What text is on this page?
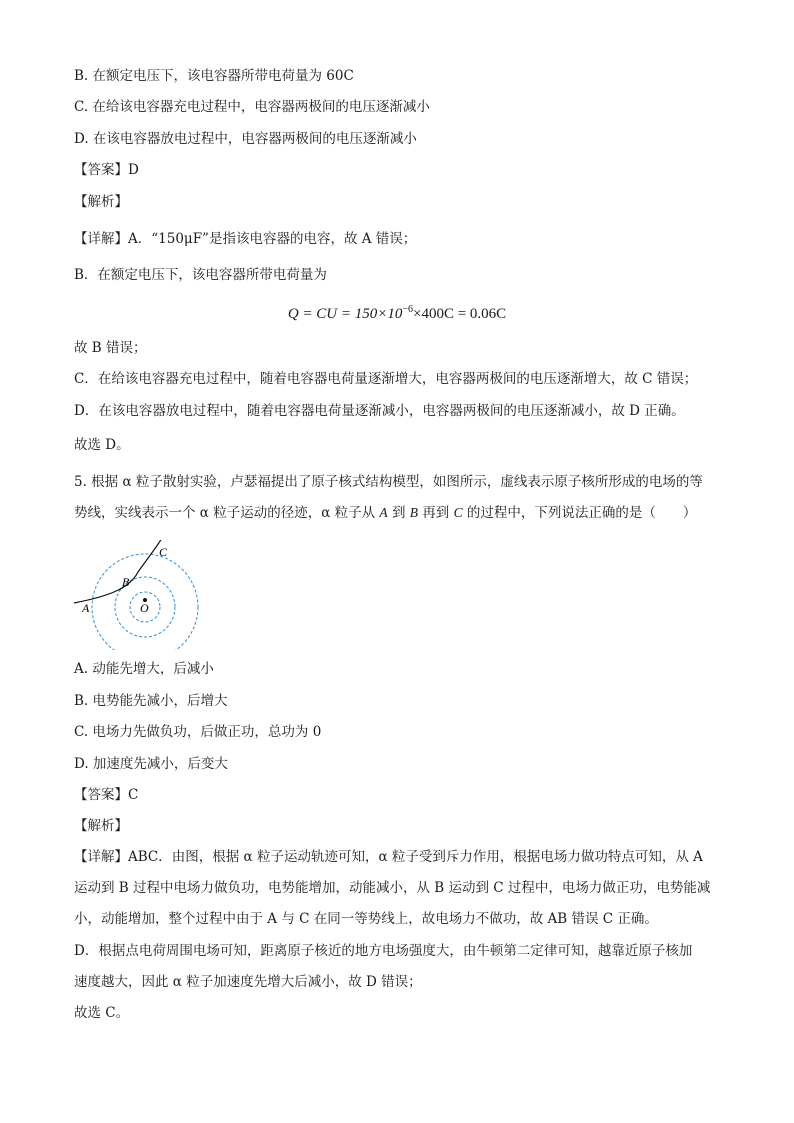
B. 在额定电压下，该电容器所带电荷量为 60C
C. 在给该电容器充电过程中，电容器两极间的电压逐渐减小
D. 在该电容器放电过程中，电容器两极间的电压逐渐减小
【答案】D
【解析】
【详解】A．“150μF”是指该电容器的电容，故 A 错误；
B．在额定电压下，该电容器所带电荷量为
Q = CU = $150\times 10^{-6}\times 400C = 0.06C$
故 B 错误；
C．在给该电容器充电过程中，随着电容器电荷量逐渐增大，电容器两极间的电压逐渐增大，故 C 错误；
D．在该电容器放电过程中，随着电容器电荷量逐渐减小，电容器两极间的电压逐渐减小，故 D 正确。
故选 D。
5. 根据 α 粒子散射实验，卢瑟福提出了原子核式结构模型，如图所示，虚线表示原子核所形成的电场的等
势线，实线表示一个 α 粒子运动的径迹，α 粒子从 A 到 B 再到 C 的过程中，下列说法正确的是（　　）
A
B
C
O
A. 动能先增大，后减小
B. 电势能先减小，后增大
C. 电场力先做负功，后做正功，总功为 0
D. 加速度先减小，后变大
【答案】C
【解析】
【详解】ABC．由图，根据 α 粒子运动轨迹可知，α 粒子受到斥力作用，根据电场力做功特点可知，从 A
运动到 B 过程中电场力做负功，电势能增加，动能减小，从 B 运动到 C 过程中，电场力做正功，电势能减
小，动能增加，整个过程中由于 A 与 C 在同一等势线上，故电场力不做功，故 AB 错误 C 正确。
D．根据点电荷周围电场可知，距离原子核近的地方电场强度大，由牛顿第二定律可知，越靠近原子核加
速度越大，因此 α 粒子加速度先增大后减小，故 D 错误；
故选 C。
